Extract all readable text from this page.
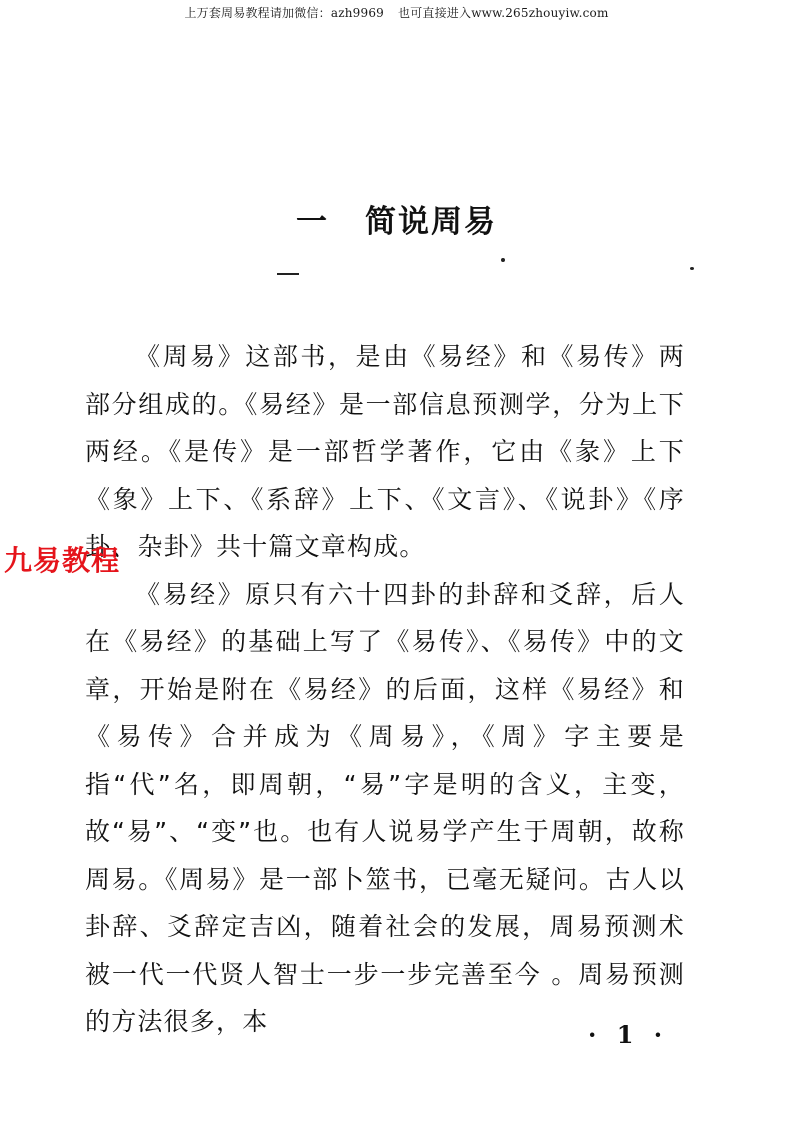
上万套周易教程请加微信：azh9969 也可直接进入www.265zhouyiw.com
一 简说周易

《周易》这部书，是由《易经》和《易传》两部分组成的。《易经》是一部信息预测学，分为上下两经。《是传》是一部哲学著作，它由《彖》上下《象》上下、《系辞》上下、《文言》、《说卦》《序卦、杂卦》共十篇文章构成。

《易经》原只有六十四卦的卦辞和爻辞，后人在《易经》的基础上写了《易传》、《易传》中的文章，开始是附在《易经》的后面，这样《易经》和《易传》合并成为《周易》，《周》字主要是指“代”名，即周朝，“易”字是明的含义，主变，故“易”、“变”也。也有人说易学产生于周朝，故称周易。《周易》是一部卜筮书，已毫无疑问。古人以卦辞、爻辞定吉凶，随着社会的发展，周易预测术被一代一代贤人智士一步一步完善至今 。周易预测的方法很多，本

九易教程
· 1 ·
